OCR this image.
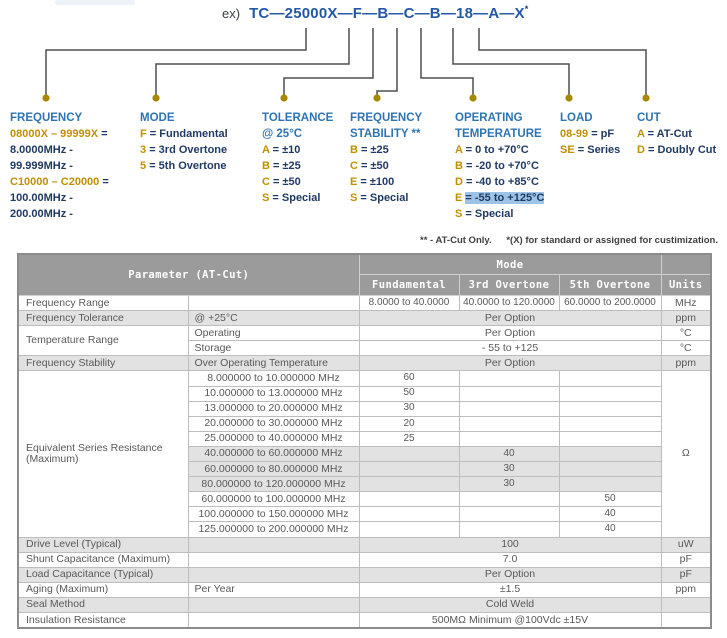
ex) TC—25000X—F—B—C—B—18—A—X*
FREQUENCY
08000X – 99999X =
8.0000MHz -
99.999MHz -
C10000 – C20000 =
100.00MHz -
200.00MHz -
MODE
F = Fundamental
3 = 3rd Overtone
5 = 5th Overtone
TOLERANCE
@ 25°C
A = ±10
B = ±25
C = ±50
S = Special
FREQUENCY
STABILITY **
B = ±25
C = ±50
E = ±100
S = Special
OPERATING
TEMPERATURE
A = 0 to +70°C
B = -20 to +70°C
D = -40 to +85°C
E = -55 to +125°C
S = Special
LOAD
08-99 = pF
SE = Series
CUT
A = AT-Cut
D = Doubly Cut
** - AT-Cut Only. *(X) for standard or assigned for custimization.
Parameter (AT-Cut)		Mode			
		Fundamental	3rd Overtone	5th Overtone	Units
Frequency Range		8.0000 to 40.0000	40.0000 to 120.0000	60.0000 to 200.0000	MHz
Frequency Tolerance	@ +25°C	Per Option			ppm
Temperature Range	Operating	Per Option			°C
	Storage	- 55 to +125			°C
Frequency Stability	Over Operating Temperature	Per Option			ppm
Equivalent Series Resistance (Maximum)	8.000000 to 10.000000 MHz	60			Ω
	10.000000 to 13.000000 MHz	50			
	13.000000 to 20.000000 MHz	30			
	20.000000 to 30.000000 MHz	20			
	25.000000 to 40.000000 MHz	25			
	40.000000 to 60.000000 MHz		40		
	60.000000 to 80.000000 MHz		30		
	80.000000 to 120.000000 MHz		30		
	60.000000 to 100.000000 MHz			50	
	100.000000 to 150.000000 MHz			40	
	125.000000 to 200.000000 MHz			40	
Drive Level (Typical)		100			uW
Shunt Capacitance (Maximum)		7.0			pF
Load Capacitance (Typical)		Per Option			pF
Aging (Maximum)	Per Year	±1.5			ppm
Seal Method		Cold Weld			
Insulation Resistance		500MΩ Minimum @100Vdc ±15V			
